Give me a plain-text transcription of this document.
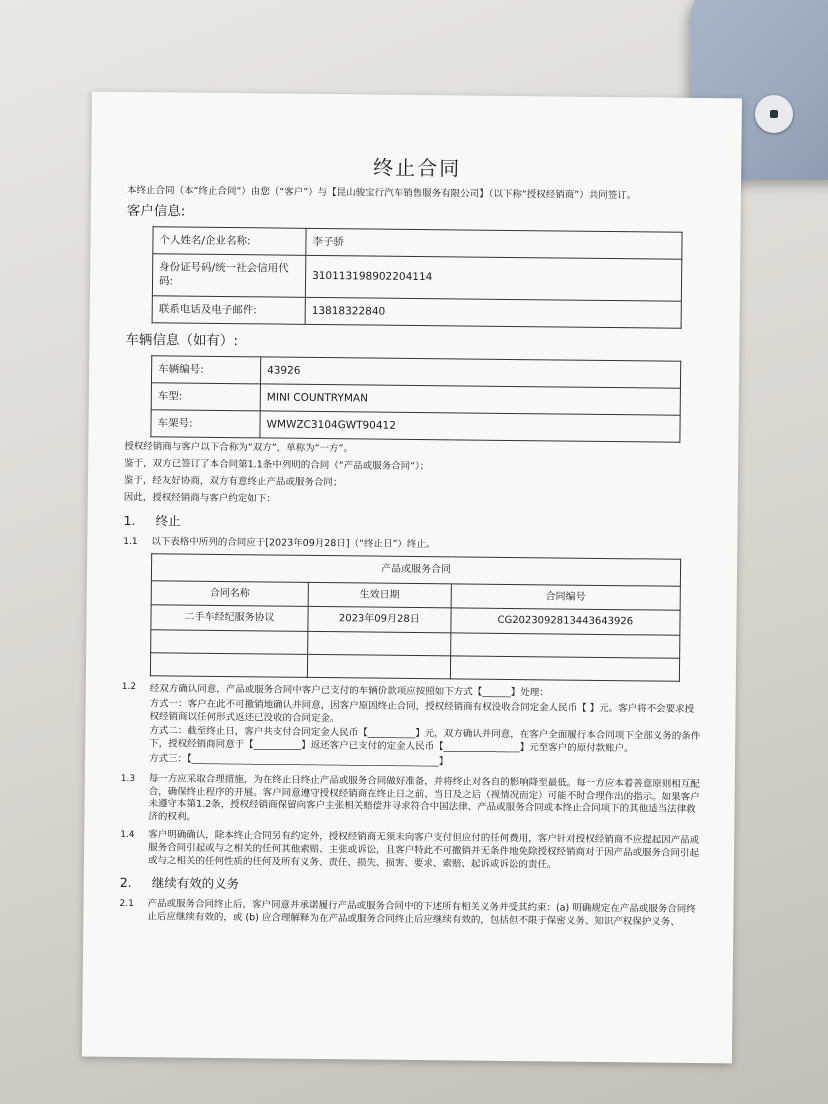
终止合同
本终止合同（本“终止合同”）由您（“客户”）与【昆山骏宝行汽车销售服务有限公司】（以下称“授权经销商”）共同签订。
客户信息:
个人姓名/企业名称:	李子骄
身份证号码/统一社会信用代码:	310113198902204114
联系电话及电子邮件:	13818322840
车辆信息（如有）:
车辆编号:	43926
车型:	MINI COUNTRYMAN
车架号:	WMWZC3104GWT90412

授权经销商与客户以下合称为“双方”，单称为“一方”。

鉴于，双方已签订了本合同第1.1条中列明的合同（“产品或服务合同”）；

鉴于，经友好协商，双方有意终止产品或服务合同；

因此，授权经销商与客户约定如下：

1.	终止
1.1	以下表格中所列的合同应于[2023年09月28日]（“终止日”）终止。
产品或服务合同		
合同名称	生效日期	合同编号
二手车经纪服务协议	2023年09月28日	CG2023092813443643926

1.2	经双方确认同意，产品或服务合同中客户已支付的车辆价款项应按照如下方式【______】处理：
方式一：客户在此不可撤销地确认并同意，因客户原因终止合同，授权经销商有权没收合同定金人民币【 】元。客户将不会要求授权经销商以任何形式返还已没收的合同定金。
方式二：截至终止日，客户共支付合同定金人民币【__________】元，双方确认并同意，在客户全面履行本合同项下全部义务的条件下，授权经销商同意于【__________】返还客户已支付的定金人民币【________________】元至客户的原付款账户。
方式三：【____________________________________________________】
1.3	每一方应采取合理措施，为在终止日终止产品或服务合同做好准备，并将终止对各自的影响降至最低。每一方应本着善意原则相互配合，确保终止程序的开展。客户同意遵守授权经销商在终止日之前、当日及之后（视情况而定）可能不时合理作出的指示。如果客户未遵守本第1.2条，授权经销商保留向客户主张相关赔偿并寻求符合中国法律、产品或服务合同或本终止合同项下的其他适当法律救济的权利。
1.4	客户明确确认，除本终止合同另有约定外，授权经销商无须未向客户支付但应付的任何费用，客户针对授权经销商不应提起因产品或服务合同引起或与之相关的任何其他索赔、主张或诉讼，且客户特此不可撤销并无条件地免除授权经销商对于因产品或服务合同引起或与之相关的任何性质的任何及所有义务、责任、损失、损害、要求、索赔、起诉或诉讼的责任。
2.	继续有效的义务
2.1	产品或服务合同终止后，客户同意并承诺履行产品或服务合同中的下述所有相关义务并受其约束：(a) 明确规定在产品或服务合同终止后应继续有效的，或 (b) 应合理解释为在产品或服务合同终止后应继续有效的，包括但不限于保密义务、知识产权保护义务、
